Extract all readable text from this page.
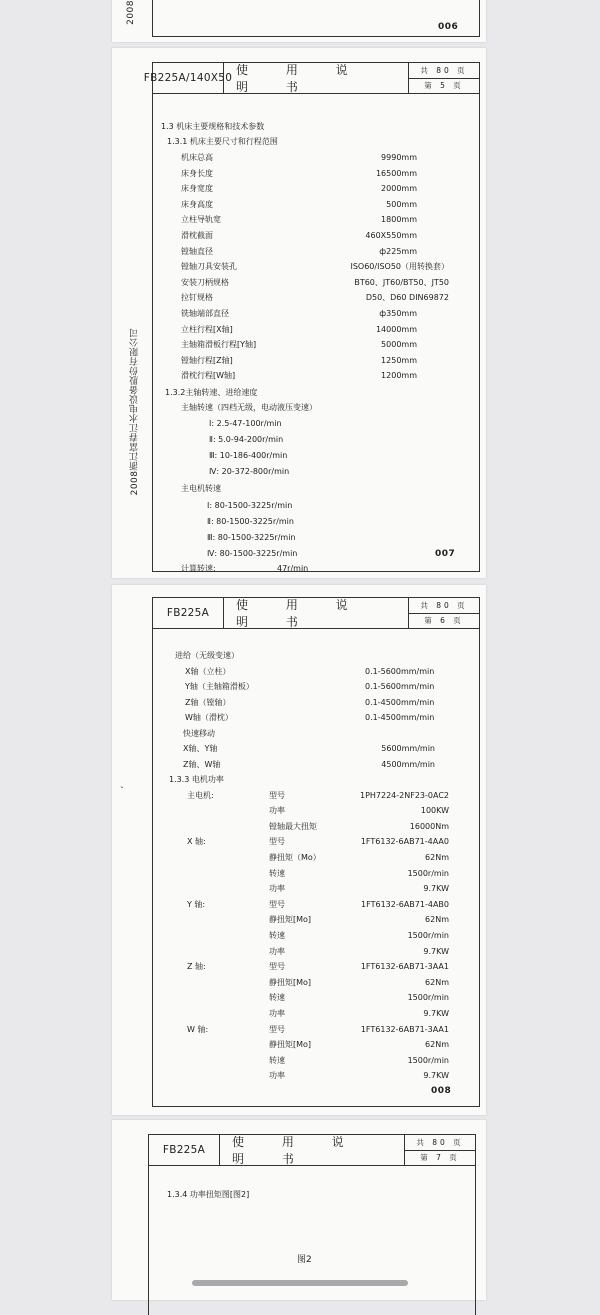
2008
006
2008浙江富春江水电设备股份有限公司
FB225A/140X50
使 用 说 明 书
共 80 页
第 5 页
1.3 机床主要规格和技术参数
1.3.1 机床主要尺寸和行程范围
机床总高	9990mm
床身长度	16500mm
床身宽度	2000mm
床身高度	500mm
立柱导轨宽	1800mm
滑枕截面	460X550mm
镗轴直径	ф225mm
镗轴刀具安装孔	ISO60/ISO50（用转换套）
安装刀柄规格	BT60、JT60/BT50、JT50
拉钉规格	D50、D60 DIN69872
铣轴端部直径	ф350mm
立柱行程[X轴]	14000mm
主轴箱滑板行程[Y轴]	5000mm
镗轴行程[Z轴]	1250mm
滑枕行程[W轴]	1200mm
1.3.2主轴转速、进给速度
主轴转速（四档无级，电动液压变速）
Ⅰ: 2.5-47-100r/min
Ⅱ: 5.0-94-200r/min
Ⅲ: 10-186-400r/min
Ⅳ: 20-372-800r/min
主电机转速
Ⅰ: 80-1500-3225r/min
Ⅱ: 80-1500-3225r/min
Ⅲ: 80-1500-3225r/min
Ⅳ: 80-1500-3225r/min
计算转速:	47r/min
007
ʻ
FB225A
使 用 说 明 书
共 80 页
第 6 页
进给（无级变速）
X轴（立柱）	0.1-5600mm/min
Y轴（主轴箱滑板）	0.1-5600mm/min
Z轴（镗轴）	0.1-4500mm/min
W轴（滑枕）	0.1-4500mm/min
快速移动
X轴、Y轴	5600mm/min
Z轴、W轴	4500mm/min
1.3.3 电机功率
主电机:	型号	1PH7224-2NF23-0AC2
功率	100KW
镗轴最大扭矩	16000Nm
X 轴:	型号	1FT6132-6AB71-4AA0
静扭矩（Mo）	62Nm
转速	1500r/min
功率	9.7KW
Y 轴:	型号	1FT6132-6AB71-4AB0
静扭矩[Mo]	62Nm
转速	1500r/min
功率	9.7KW
Z 轴:	型号	1FT6132-6AB71-3AA1
静扭矩[Mo]	62Nm
转速	1500r/min
功率	9.7KW
W 轴:	型号	1FT6132-6AB71-3AA1
静扭矩[Mo]	62Nm
转速	1500r/min
功率	9.7KW
008
FB225A
使 用 说 明 书
共 80 页
第 7 页
1.3.4 功率扭矩图[图2]
图2
